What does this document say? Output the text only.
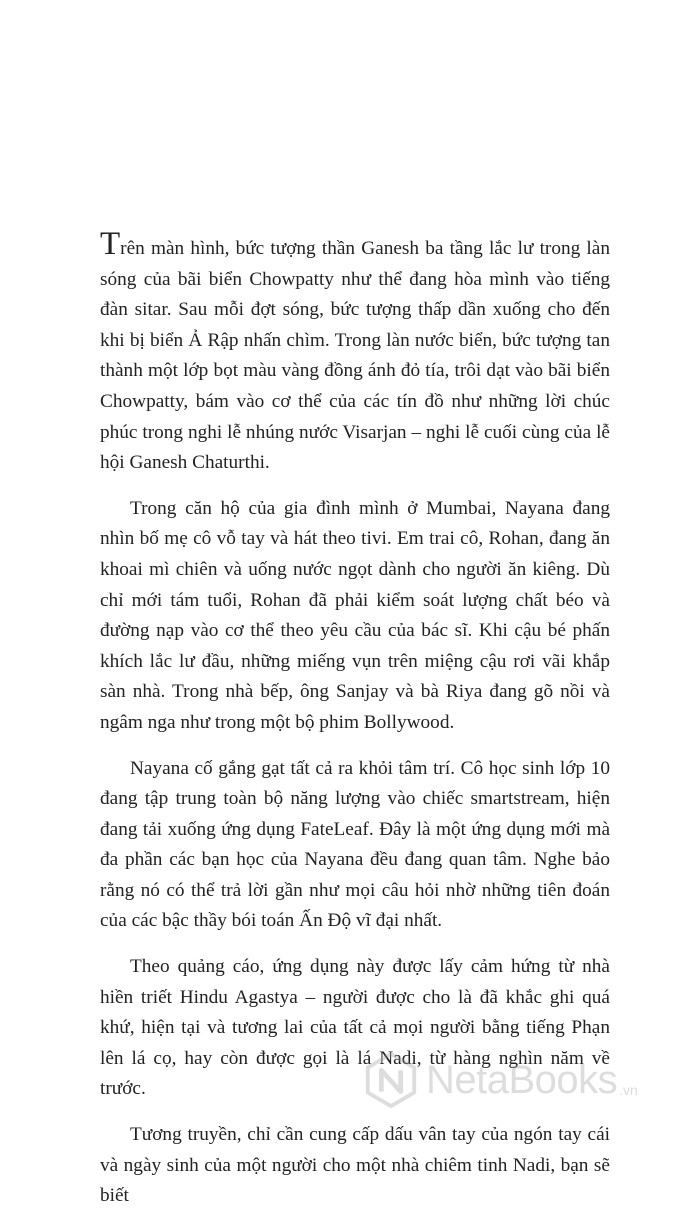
Trên màn hình, bức tượng thần Ganesh ba tầng lắc lư trong làn sóng của bãi biển Chowpatty như thể đang hòa mình vào tiếng đàn sitar. Sau mỗi đợt sóng, bức tượng thấp dần xuống cho đến khi bị biển Ả Rập nhấn chìm. Trong làn nước biển, bức tượng tan thành một lớp bọt màu vàng đồng ánh đỏ tía, trôi dạt vào bãi biển Chowpatty, bám vào cơ thể của các tín đồ như những lời chúc phúc trong nghi lễ nhúng nước Visarjan – nghi lễ cuối cùng của lễ hội Ganesh Chaturthi.

Trong căn hộ của gia đình mình ở Mumbai, Nayana đang nhìn bố mẹ cô vỗ tay và hát theo tivi. Em trai cô, Rohan, đang ăn khoai mì chiên và uống nước ngọt dành cho người ăn kiêng. Dù chỉ mới tám tuổi, Rohan đã phải kiểm soát lượng chất béo và đường nạp vào cơ thể theo yêu cầu của bác sĩ. Khi cậu bé phấn khích lắc lư đầu, những miếng vụn trên miệng cậu rơi vãi khắp sàn nhà. Trong nhà bếp, ông Sanjay và bà Riya đang gõ nồi và ngâm nga như trong một bộ phim Bollywood.

Nayana cố gắng gạt tất cả ra khỏi tâm trí. Cô học sinh lớp 10 đang tập trung toàn bộ năng lượng vào chiếc smartstream, hiện đang tải xuống ứng dụng FateLeaf. Đây là một ứng dụng mới mà đa phần các bạn học của Nayana đều đang quan tâm. Nghe bảo rằng nó có thể trả lời gần như mọi câu hỏi nhờ những tiên đoán của các bậc thầy bói toán Ấn Độ vĩ đại nhất.

Theo quảng cáo, ứng dụng này được lấy cảm hứng từ nhà hiền triết Hindu Agastya – người được cho là đã khắc ghi quá khứ, hiện tại và tương lai của tất cả mọi người bằng tiếng Phạn lên lá cọ, hay còn được gọi là lá Nadi, từ hàng nghìn năm về trước.

Tương truyền, chỉ cần cung cấp dấu vân tay của ngón tay cái và ngày sinh của một người cho một nhà chiêm tinh Nadi, bạn sẽ biết

NetaBooks .vn
